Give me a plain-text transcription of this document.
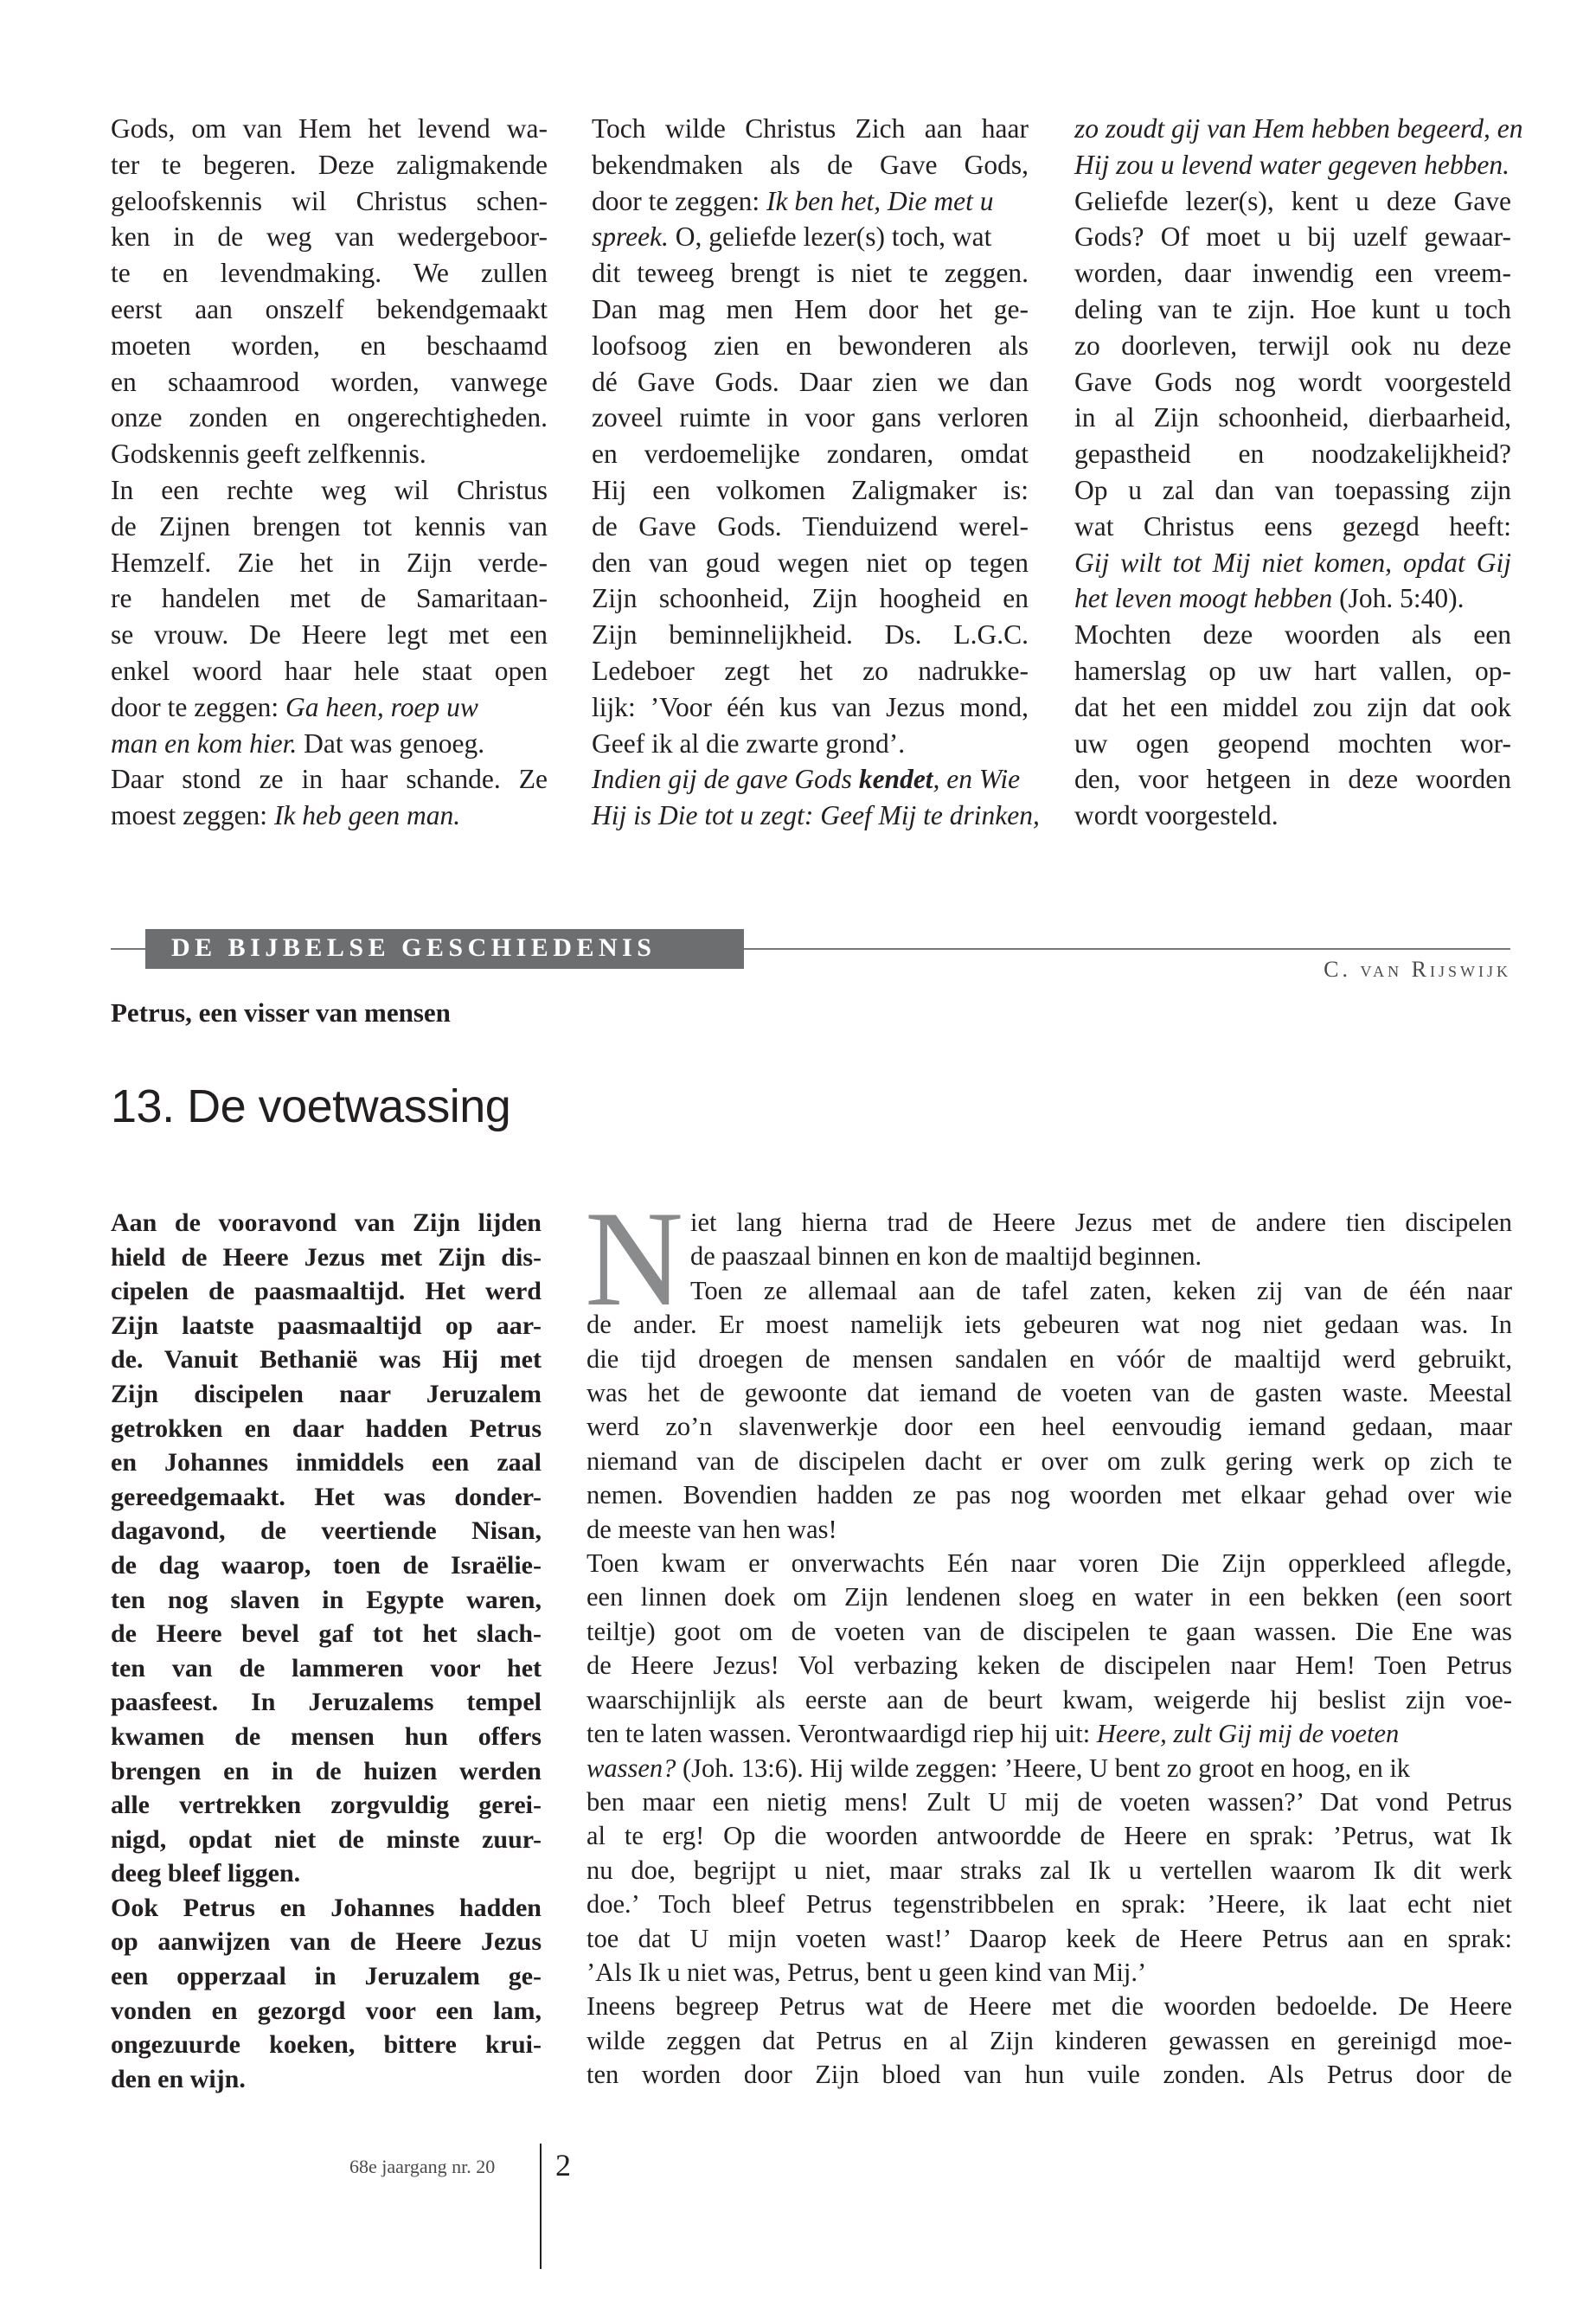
Gods, om van Hem het levend wa-
ter te begeren. Deze zaligmakende
geloofskennis wil Christus schen-
ken in de weg van wedergeboor-
te en levendmaking. We zullen
eerst aan onszelf bekendgemaakt
moeten worden, en beschaamd
en schaamrood worden, vanwege
onze zonden en ongerechtigheden.
Godskennis geeft zelfkennis.
In een rechte weg wil Christus
de Zijnen brengen tot kennis van
Hemzelf. Zie het in Zijn verde-
re handelen met de Samaritaan-
se vrouw. De Heere legt met een
enkel woord haar hele staat open
door te zeggen: Ga heen, roep uw
man en kom hier. Dat was genoeg.
Daar stond ze in haar schande. Ze
moest zeggen: Ik heb geen man.
Toch wilde Christus Zich aan haar
bekendmaken als de Gave Gods,
door te zeggen: Ik ben het, Die met u
spreek. O, geliefde lezer(s) toch, wat
dit teweeg brengt is niet te zeggen.
Dan mag men Hem door het ge-
loofsoog zien en bewonderen als
dé Gave Gods. Daar zien we dan
zoveel ruimte in voor gans verloren
en verdoemelijke zondaren, omdat
Hij een volkomen Zaligmaker is:
de Gave Gods. Tienduizend werel-
den van goud wegen niet op tegen
Zijn schoonheid, Zijn hoogheid en
Zijn beminnelijkheid. Ds. L.G.C.
Ledeboer zegt het zo nadrukke-
lijk: ’Voor één kus van Jezus mond,
Geef ik al die zwarte grond’.
Indien gij de gave Gods kendet, en Wie
Hij is Die tot u zegt: Geef Mij te drinken,
zo zoudt gij van Hem hebben begeerd, en
Hij zou u levend water gegeven hebben.
Geliefde lezer(s), kent u deze Gave
Gods? Of moet u bij uzelf gewaar-
worden, daar inwendig een vreem-
deling van te zijn. Hoe kunt u toch
zo doorleven, terwijl ook nu deze
Gave Gods nog wordt voorgesteld
in al Zijn schoonheid, dierbaarheid,
gepastheid en noodzakelijkheid?
Op u zal dan van toepassing zijn
wat Christus eens gezegd heeft:
Gij wilt tot Mij niet komen, opdat Gij
het leven moogt hebben (Joh. 5:40).
Mochten deze woorden als een
hamerslag op uw hart vallen, op-
dat het een middel zou zijn dat ook
uw ogen geopend mochten wor-
den, voor hetgeen in deze woorden
wordt voorgesteld.
DE BIJBELSE GESCHIEDENIS
C. van Rijswijk
Petrus, een visser van mensen
13. De voetwassing
Aan de vooravond van Zijn lijden
hield de Heere Jezus met Zijn dis-
cipelen de paasmaaltijd. Het werd
Zijn laatste paasmaaltijd op aar-
de. Vanuit Bethanië was Hij met
Zijn discipelen naar Jeruzalem
getrokken en daar hadden Petrus
en Johannes inmiddels een zaal
gereedgemaakt. Het was donder-
dagavond, de veertiende Nisan,
de dag waarop, toen de Israëlie-
ten nog slaven in Egypte waren,
de Heere bevel gaf tot het slach-
ten van de lammeren voor het
paasfeest. In Jeruzalems tempel
kwamen de mensen hun offers
brengen en in de huizen werden
alle vertrekken zorgvuldig gerei-
nigd, opdat niet de minste zuur-
deeg bleef liggen.
Ook Petrus en Johannes hadden
op aanwijzen van de Heere Jezus
een opperzaal in Jeruzalem ge-
vonden en gezorgd voor een lam,
ongezuurde koeken, bittere krui-
den en wijn.
N iet lang hierna trad de Heere Jezus met de andere tien discipelen
de paaszaal binnen en kon de maaltijd beginnen.
Toen ze allemaal aan de tafel zaten, keken zij van de één naar
de ander. Er moest namelijk iets gebeuren wat nog niet gedaan was. In
die tijd droegen de mensen sandalen en vóór de maaltijd werd gebruikt,
was het de gewoonte dat iemand de voeten van de gasten waste. Meestal
werd zo’n slavenwerkje door een heel eenvoudig iemand gedaan, maar
niemand van de discipelen dacht er over om zulk gering werk op zich te
nemen. Bovendien hadden ze pas nog woorden met elkaar gehad over wie
de meeste van hen was!
Toen kwam er onverwachts Eén naar voren Die Zijn opperkleed aflegde,
een linnen doek om Zijn lendenen sloeg en water in een bekken (een soort
teiltje) goot om de voeten van de discipelen te gaan wassen. Die Ene was
de Heere Jezus! Vol verbazing keken de discipelen naar Hem! Toen Petrus
waarschijnlijk als eerste aan de beurt kwam, weigerde hij beslist zijn voe-
ten te laten wassen. Verontwaardigd riep hij uit: Heere, zult Gij mij de voeten
wassen? (Joh. 13:6). Hij wilde zeggen: ’Heere, U bent zo groot en hoog, en ik
ben maar een nietig mens! Zult U mij de voeten wassen?’ Dat vond Petrus
al te erg! Op die woorden antwoordde de Heere en sprak: ’Petrus, wat Ik
nu doe, begrijpt u niet, maar straks zal Ik u vertellen waarom Ik dit werk
doe.’ Toch bleef Petrus tegenstribbelen en sprak: ’Heere, ik laat echt niet
toe dat U mijn voeten wast!’ Daarop keek de Heere Petrus aan en sprak:
’Als Ik u niet was, Petrus, bent u geen kind van Mij.’
Ineens begreep Petrus wat de Heere met die woorden bedoelde. De Heere
wilde zeggen dat Petrus en al Zijn kinderen gewassen en gereinigd moe-
ten worden door Zijn bloed van hun vuile zonden. Als Petrus door de
68e jaargang nr. 20 2
